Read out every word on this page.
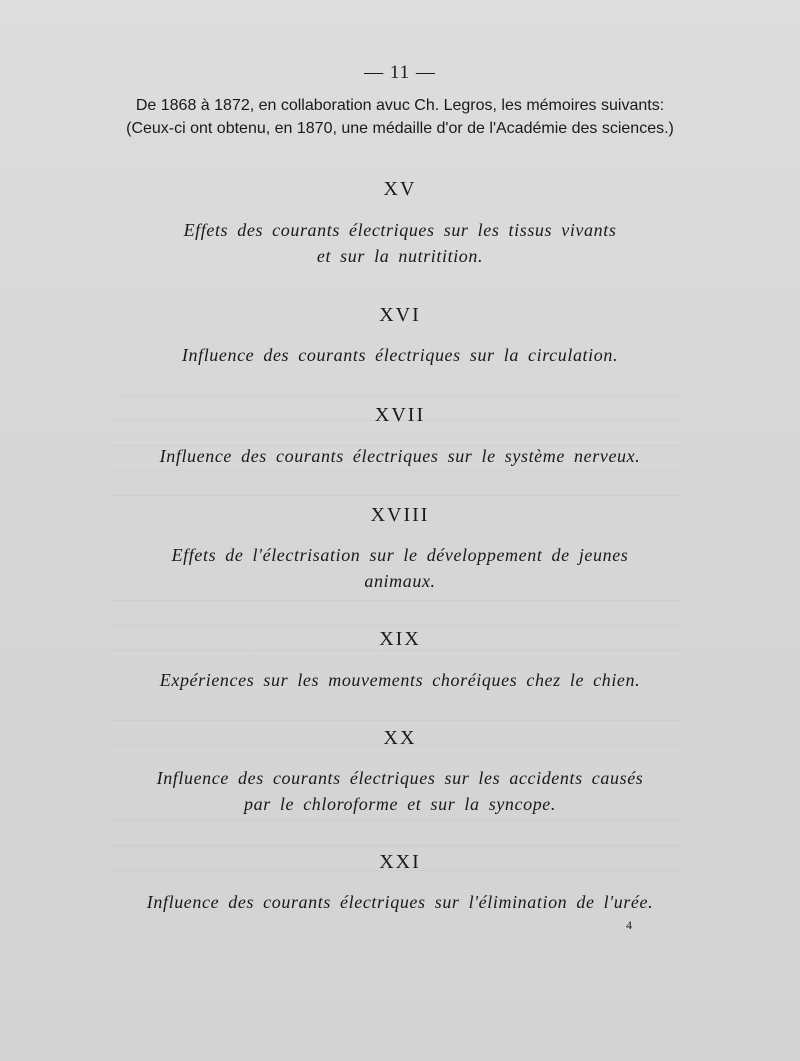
— 11 —
De 1868 à 1872, en collaboration avuc Ch. Legros, les mémoires suivants:
(Ceux-ci ont obtenu, en 1870, une médaille d'or de l'Académie des sciences.)
XV
Effets des courants électriques sur les tissus vivants
et sur la nutritition.
XVI
Influence des courants électriques sur la circulation.
XVII
Influence des courants électriques sur le système nerveux.
XVIII
Effets de l'électrisation sur le développement de jeunes
animaux.
XIX
Expériences sur les mouvements choréiques chez le chien.
XX
Influence des courants électriques sur les accidents causés
par le chloroforme et sur la syncope.
XXI
Influence des courants électriques sur l'élimination de l'urée.
4
